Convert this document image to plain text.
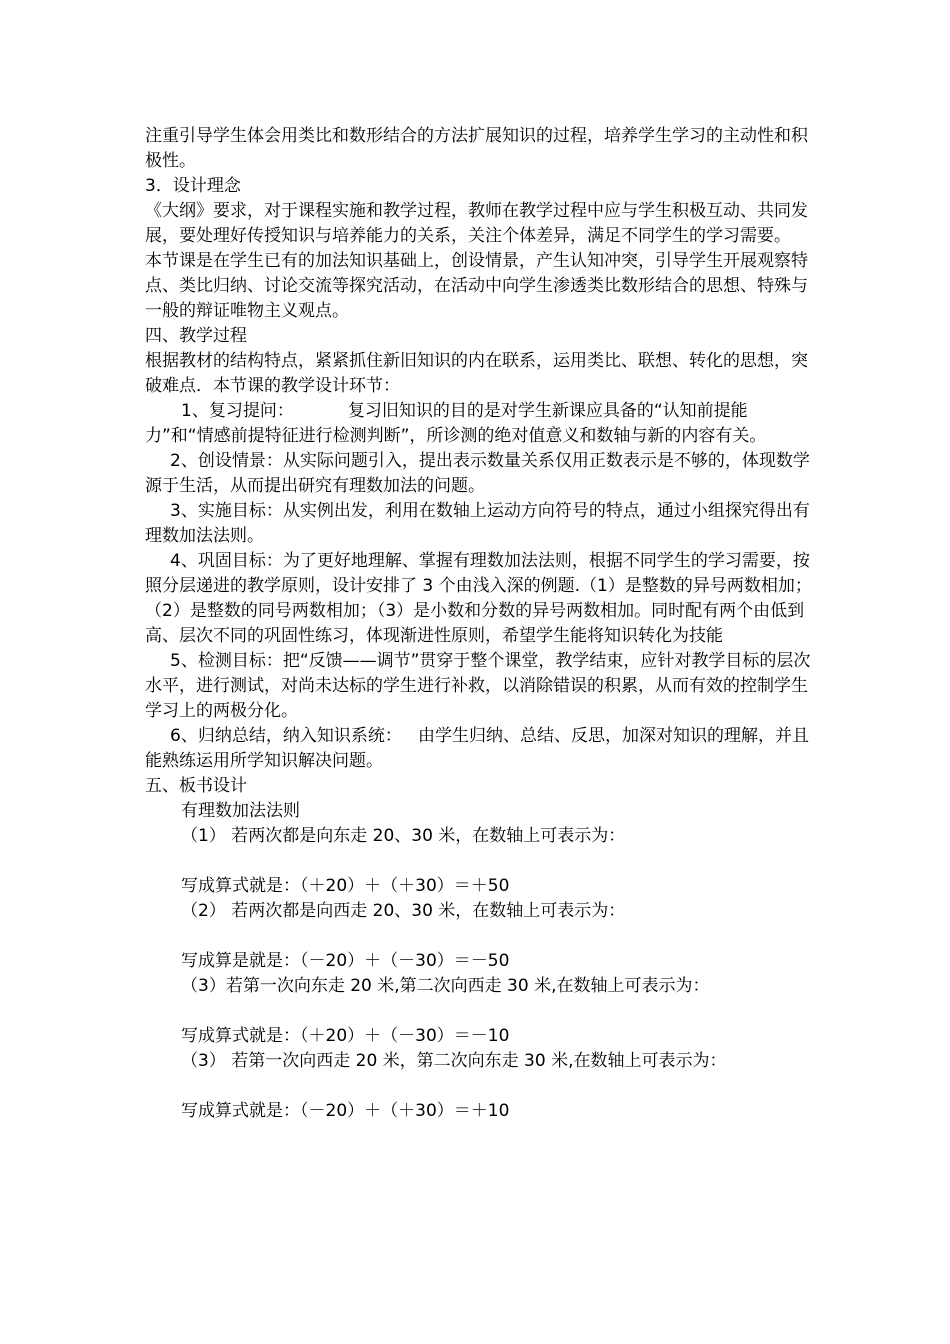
注重引导学生体会用类比和数形结合的方法扩展知识的过程，培养学生学习的主动性和积极性。

3．设计理念

《大纲》要求，对于课程实施和教学过程，教师在教学过程中应与学生积极互动、共同发展，要处理好传授知识与培养能力的关系，关注个体差异，满足不同学生的学习需要。

本节课是在学生已有的加法知识基础上，创设情景，产生认知冲突，引导学生开展观察特点、类比归纳、讨论交流等探究活动，在活动中向学生渗透类比数形结合的思想、特殊与一般的辩证唯物主义观点。

四、教学过程

根据教材的结构特点，紧紧抓住新旧知识的内在联系，运用类比、联想、转化的思想，突破难点．本节课的教学设计环节：

1、复习提问：          复习旧知识的目的是对学生新课应具备的“认知前提能力”和“情感前提特征进行检测判断”，所诊测的绝对值意义和数轴与新的内容有关。

2、创设情景：从实际问题引入，提出表示数量关系仅用正数表示是不够的，体现数学源于生活，从而提出研究有理数加法的问题。

3、实施目标：从实例出发，利用在数轴上运动方向符号的特点，通过小组探究得出有理数加法法则。

4、巩固目标：为了更好地理解、掌握有理数加法法则，根据不同学生的学习需要，按照分层递进的教学原则，设计安排了 3 个由浅入深的例题.（1）是整数的异号两数相加；（2）是整数的同号两数相加；（3）是小数和分数的异号两数相加。同时配有两个由低到高、层次不同的巩固性练习，体现渐进性原则，希望学生能将知识转化为技能

5、检测目标：把“反馈——调节”贯穿于整个课堂，教学结束，应针对教学目标的层次水平，进行测试，对尚未达标的学生进行补救，以消除错误的积累，从而有效的控制学生学习上的两极分化。

6、归纳总结，纳入知识系统：   由学生归纳、总结、反思，加深对知识的理解，并且能熟练运用所学知识解决问题。

五、板书设计

有理数加法法则

（1） 若两次都是向东走 20、30 米，在数轴上可表示为：

写成算式就是：（＋20）＋（＋30）＝＋50

（2） 若两次都是向西走 20、30 米，在数轴上可表示为：

写成算是就是：（－20）＋（－30）＝－50

（3）若第一次向东走 20 米,第二次向西走 30 米,在数轴上可表示为：

写成算式就是：（＋20）＋（－30）＝－10

（3） 若第一次向西走 20 米，第二次向东走 30 米,在数轴上可表示为：

写成算式就是：（－20）＋（＋30）＝＋10
